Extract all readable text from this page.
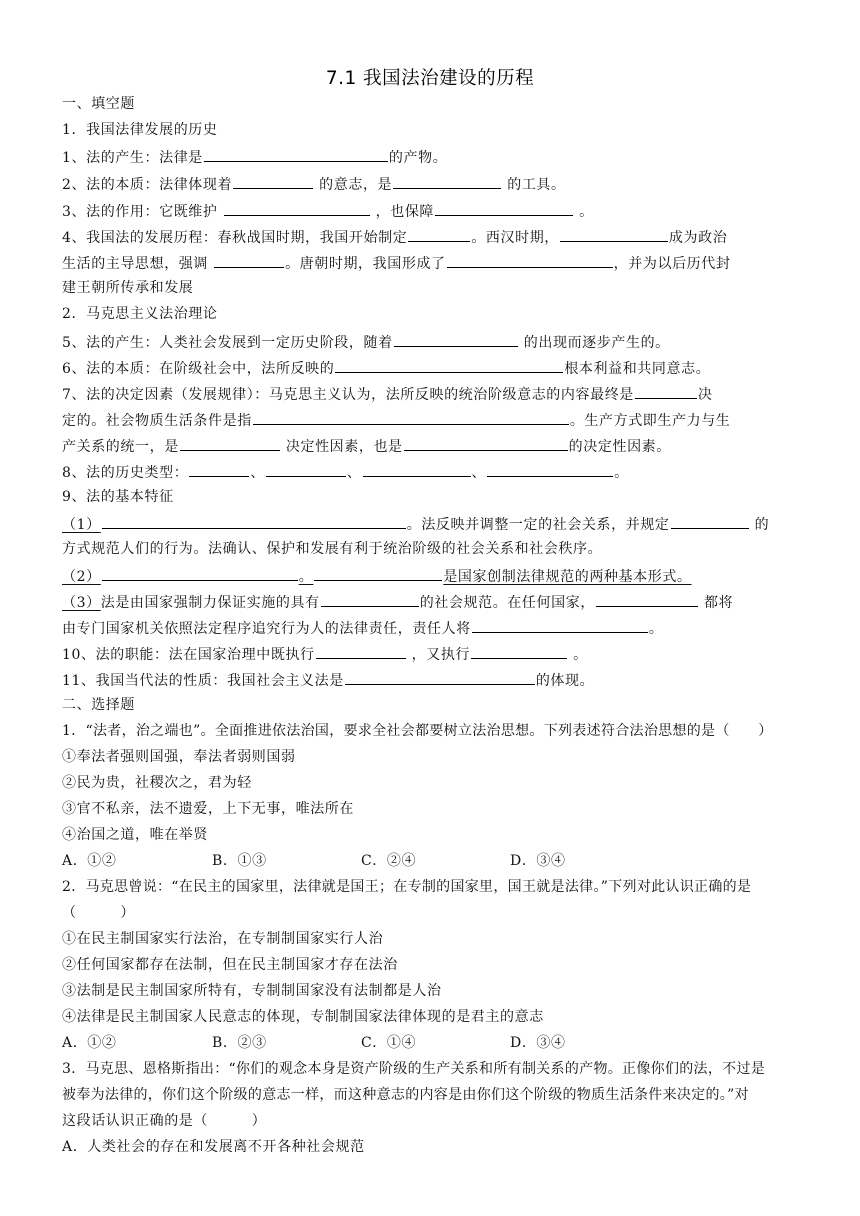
7.1 我国法治建设的历程
一、填空题
1．我国法律发展的历史
1、法的产生：法律是	的产物。
2、法的本质：法律体现着	的意志，是	的工具。
3、法的作用：它既维护	，也保障	。
4、我国法的发展历程：春秋战国时期，我国开始制定	。西汉时期，	成为政治
生活的主导思想，强调	。唐朝时期，我国形成了	，并为以后历代封
建王朝所传承和发展
2．马克思主义法治理论
5、法的产生：人类社会发展到一定历史阶段，随着	的出现而逐步产生的。
6、法的本质：在阶级社会中，法所反映的	根本利益和共同意志。
7、法的决定因素（发展规律）：马克思主义认为，法所反映的统治阶级意志的内容最终是	决
定的。社会物质生活条件是指	。生产方式即生产力与生
产关系的统一，是	决定性因素，也是	的决定性因素。
8、法的历史类型：	、	、	、	。
9、法的基本特征
（1）	。法反映并调整一定的社会关系，并规定	的
方式规范人们的行为。法确认、保护和发展有利于统治阶级的社会关系和社会秩序。
（2）	。	是国家创制法律规范的两种基本形式。
（3）法是由国家强制力保证实施的具有	的社会规范。在任何国家，	都将
由专门国家机关依照法定程序追究行为人的法律责任，责任人将	。
10、法的职能：法在国家治理中既执行	，又执行	。
11、我国当代法的性质：我国社会主义法是	的体现。
二、选择题
1．“法者，治之端也”。全面推进依法治国，要求全社会都要树立法治思想。下列表述符合法治思想的是（　　）
①奉法者强则国强，奉法者弱则国弱
②民为贵，社稷次之，君为轻
③官不私亲，法不遗爱，上下无事，唯法所在
④治国之道，唯在举贤
A．①②	B．①③	C．②④	D．③④
2．马克思曾说：“在民主的国家里，法律就是国王；在专制的国家里，国王就是法律。”下列对此认识正确的是
（　　　）
①在民主制国家实行法治，在专制制国家实行人治
②任何国家都存在法制，但在民主制国家才存在法治
③法制是民主制国家所特有，专制制国家没有法制都是人治
④法律是民主制国家人民意志的体现，专制制国家法律体现的是君主的意志
A．①②	B．②③	C．①④	D．③④
3．马克思、恩格斯指出：“你们的观念本身是资产阶级的生产关系和所有制关系的产物。正像你们的法，不过是
被奉为法律的，你们这个阶级的意志一样，而这种意志的内容是由你们这个阶级的物质生活条件来决定的。”对
这段话认识正确的是（　　　）
A．人类社会的存在和发展离不开各种社会规范
